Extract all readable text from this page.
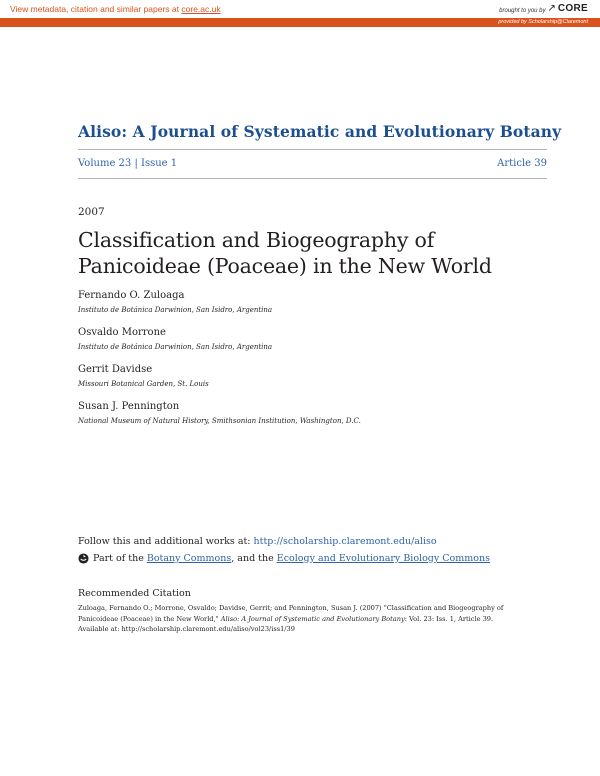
View metadata, citation and similar papers at core.ac.uk	brought to you by ↗ CORE
provided by Scholarship@Claremont
Aliso: A Journal of Systematic and Evolutionary Botany
Volume 23 | Issue 1	Article 39
2007
Classification and Biogeography of Panicoideae (Poaceae) in the New World
Fernando O. Zuloaga
Instituto de Botánica Darwinion, San Isidro, Argentina
Osvaldo Morrone
Instituto de Botánica Darwinion, San Isidro, Argentina
Gerrit Davidse
Missouri Botanical Garden, St. Louis
Susan J. Pennington
National Museum of Natural History, Smithsonian Institution, Washington, D.C.
Follow this and additional works at: http://scholarship.claremont.edu/aliso
Part of the Botany Commons, and the Ecology and Evolutionary Biology Commons
Recommended Citation
Zuloaga, Fernando O.; Morrone, Osvaldo; Davidse, Gerrit; and Pennington, Susan J. (2007) "Classification and Biogeography of
Panicoideae (Poaceae) in the New World," Aliso: A Journal of Systematic and Evolutionary Botany: Vol. 23: Iss. 1, Article 39.
Available at: http://scholarship.claremont.edu/aliso/vol23/iss1/39
